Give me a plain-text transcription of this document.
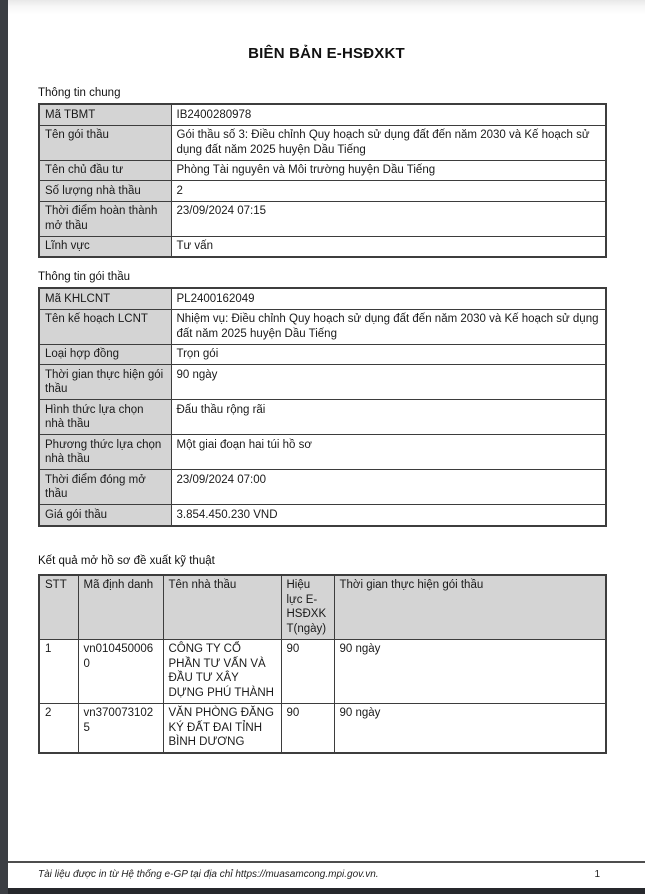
BIÊN BẢN E-HSĐXKT
Thông tin chung
Mã TBMT	IB2400280978
Tên gói thầu	Gói thầu số 3: Điều chỉnh Quy hoạch sử dụng đất đến năm 2030 và Kế hoạch sử dụng đất năm 2025 huyện Dầu Tiếng
Tên chủ đầu tư	Phòng Tài nguyên và Môi trường huyện Dầu Tiếng
Số lượng nhà thầu	2
Thời điểm hoàn thành mở thầu	23/09/2024 07:15
Lĩnh vực	Tư vấn
Thông tin gói thầu
Mã KHLCNT	PL2400162049
Tên kế hoạch LCNT	Nhiệm vụ: Điều chỉnh Quy hoạch sử dụng đất đến năm 2030 và Kế hoạch sử dụng đất năm 2025 huyện Dầu Tiếng
Loại hợp đồng	Trọn gói
Thời gian thực hiện gói thầu	90 ngày
Hình thức lựa chọn nhà thầu	Đấu thầu rộng rãi
Phương thức lựa chọn nhà thầu	Một giai đoạn hai túi hồ sơ
Thời điểm đóng mở thầu	23/09/2024 07:00
Giá gói thầu	3.854.450.230 VND
Kết quả mở hồ sơ đề xuất kỹ thuật
STT	Mã định danh	Tên nhà thầu	Hiệu lực E-HSĐXKT(ngày)	Thời gian thực hiện gói thầu
1	vn0104500060	CÔNG TY CỔ PHẦN TƯ VẤN VÀ ĐẦU TƯ XÂY DỰNG PHÚ THÀNH	90	90 ngày
2	vn3700731025	VĂN PHÒNG ĐĂNG KÝ ĐẤT ĐAI TỈNH BÌNH DƯƠNG	90	90 ngày
Tài liệu được in từ Hệ thống e-GP tại địa chỉ https://muasamcong.mpi.gov.vn.	1
